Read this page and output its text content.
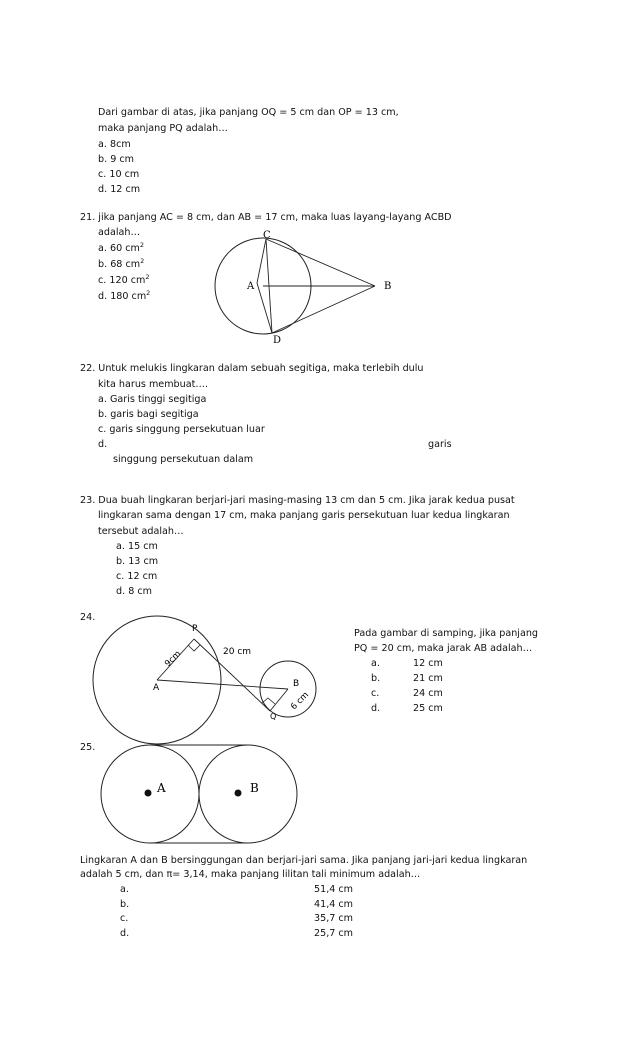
Dari gambar di atas, jika panjang OQ = 5 cm dan OP = 13 cm,
maka panjang PQ adalah…
a. 8cm
b. 9 cm
c. 10 cm
d. 12 cm
21. jika panjang AC = 8 cm, dan AB = 17 cm, maka luas layang-layang ACBD
adalah…
a. 60 $cm^2$
b. 68 $cm^2$
c. 120 $cm^2$
d. 180 $cm^2$
C
A	B
D
22. Untuk melukis lingkaran dalam sebuah segitiga, maka terlebih dulu
kita harus membuat….
a. Garis tinggi segitiga
b. garis bagi segitiga
c. garis singgung persekutuan luar
d.	garis
singgung persekutuan dalam
23. Dua buah lingkaran berjari-jari masing-masing 13 cm dan 5 cm. Jika jarak kedua pusat
lingkaran sama dengan 17 cm, maka panjang garis persekutuan luar kedua lingkaran
tersebut adalah…
a. 15 cm
b. 13 cm
c. 12 cm
d. 8 cm
24.
P
A	B
Q
9cm	20 cm
6 cm
Pada gambar di samping, jika panjang
PQ = 20 cm, maka jarak AB adalah…
a.	12 cm
b.	21 cm
c.	24 cm
d.	25 cm
25.
A	B
Lingkaran A dan B bersinggungan dan berjari-jari sama. Jika panjang jari-jari kedua lingkaran
adalah 5 cm, dan π= 3,14, maka panjang lilitan tali minimum adalah…
a.	51,4 cm
b.	41,4 cm
c.	35,7 cm
d.	25,7 cm
